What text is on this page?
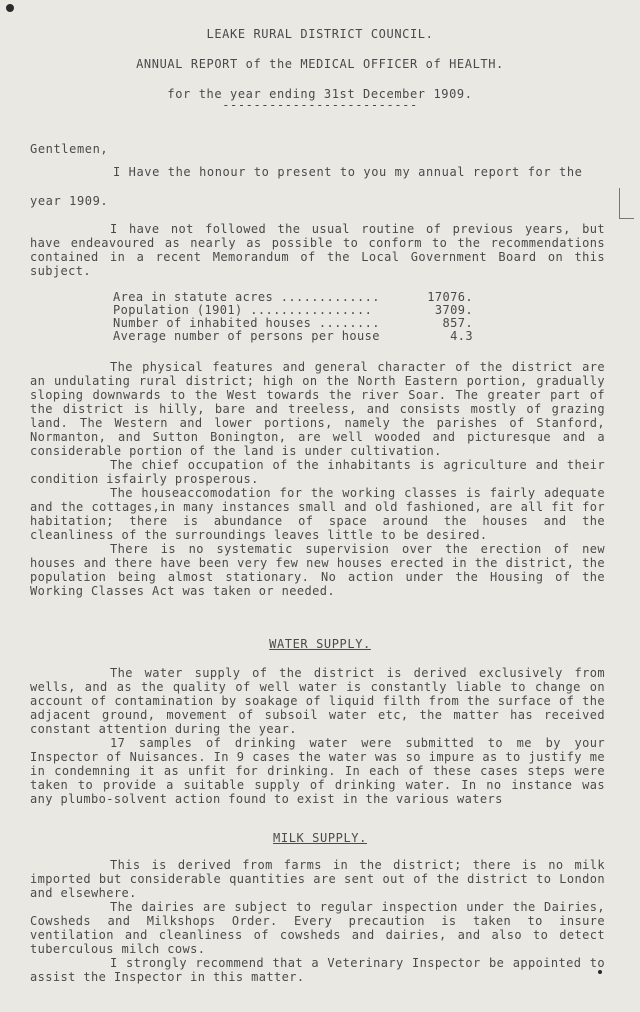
LEAKE RURAL DISTRICT COUNCIL.
ANNUAL REPORT of the MEDICAL OFFICER of HEALTH.
for the year ending 31st December 1909.
-------------------------
Gentlemen,
I Have the honour to present to you my annual report for the
year 1909.

I have not followed the usual routine of previous years, but have endeavoured as nearly as possible to conform to the recommendations contained in a recent Memorandum of the Local Government Board on this subject.

Area in statute acres .............	17076.
Population (1901) ................	3709.
Number of inhabited houses ........	857.
Average number of persons per house	4.3

The physical features and general character of the district are an undulating rural district; high on the North Eastern portion, gradually sloping downwards to the West towards the river Soar. The greater part of the district is hilly, bare and treeless, and consists mostly of grazing land. The Western and lower portions, namely the parishes of Stanford, Normanton, and Sutton Bonington, are well wooded and picturesque and a considerable portion of the land is under cultivation.

The chief occupation of the inhabitants is agriculture and their condition isfairly prosperous.

The houseaccomodation for the working classes is fairly adequate and the cottages,in many instances small and old fashioned, are all fit for habitation; there is abundance of space around the houses and the cleanliness of the surroundings leaves little to be desired.

There is no systematic supervision over the erection of new houses and there have been very few new houses erected in the district, the population being almost stationary. No action under the Housing of the Working Classes Act was taken or needed.

WATER SUPPLY.

The water supply of the district is derived exclusively from wells, and as the quality of well water is constantly liable to change on account of contamination by soakage of liquid filth from the surface of the adjacent ground, movement of subsoil water etc, the matter has received constant attention during the year.

17 samples of drinking water were submitted to me by your Inspector of Nuisances. In 9 cases the water was so impure as to justify me in condemning it as unfit for drinking. In each of these cases steps were taken to provide a suitable supply of drinking water. In no instance was any plumbo-solvent action found to exist in the various waters

MILK SUPPLY.

This is derived from farms in the district; there is no milk imported but considerable quantities are sent out of the district to London and elsewhere.

The dairies are subject to regular inspection under the Dairies, Cowsheds and Milkshops Order. Every precaution is taken to insure ventilation and cleanliness of cowsheds and dairies, and also to detect tuberculous milch cows.

I strongly recommend that a Veterinary Inspector be appointed to assist the Inspector in this matter.
